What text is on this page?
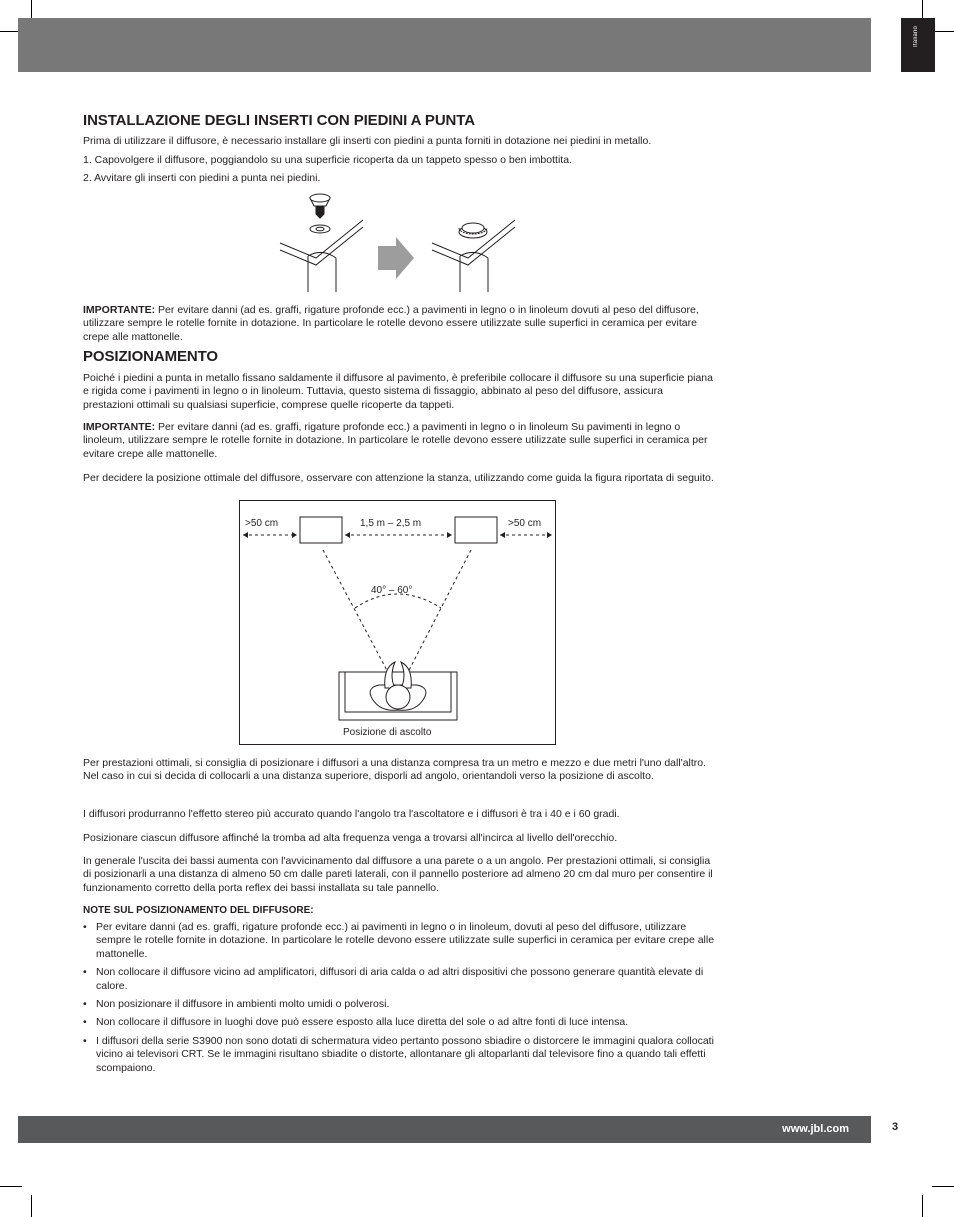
Italiano
INSTALLAZIONE DEGLI INSERTI CON PIEDINI A PUNTA

Prima di utilizzare il diffusore, è necessario installare gli inserti con piedini a punta forniti in dotazione nei piedini in metallo.

1. Capovolgere il diffusore, poggiandolo su una superficie ricoperta da un tappeto spesso o ben imbottita.

2. Avvitare gli inserti con piedini a punta nei piedini.

IMPORTANTE: Per evitare danni (ad es. graffi, rigature profonde ecc.) a pavimenti in legno o in linoleum dovuti al peso del diffusore, utilizzare sempre le rotelle fornite in dotazione. In particolare le rotelle devono essere utilizzate sulle superfici in ceramica per evitare crepe alle mattonelle.

POSIZIONAMENTO

Poiché i piedini a punta in metallo fissano saldamente il diffusore al pavimento, è preferibile collocare il diffusore su una superficie piana e rigida come i pavimenti in legno o in linoleum. Tuttavia, questo sistema di fissaggio, abbinato al peso del diffusore, assicura prestazioni ottimali su qualsiasi superficie, comprese quelle ricoperte da tappeti.

IMPORTANTE: Per evitare danni (ad es. graffi, rigature profonde ecc.) a pavimenti in legno o in linoleum Su pavimenti in legno o linoleum, utilizzare sempre le rotelle fornite in dotazione. In particolare le rotelle devono essere utilizzate sulle superfici in ceramica per evitare crepe alle mattonelle.

Per decidere la posizione ottimale del diffusore, osservare con attenzione la stanza, utilizzando come guida la figura riportata di seguito.

>50 cm	1,5 m – 2,5 m	>50 cm
40° – 60°
Posizione di ascolto

Per prestazioni ottimali, si consiglia di posizionare i diffusori a una distanza compresa tra un metro e mezzo e due metri l'uno dall'altro. Nel caso in cui si decida di collocarli a una distanza superiore, disporli ad angolo, orientandoli verso la posizione di ascolto.

I diffusori produrranno l'effetto stereo più accurato quando l'angolo tra l'ascoltatore e i diffusori è tra i 40 e i 60 gradi.

Posizionare ciascun diffusore affinché la tromba ad alta frequenza venga a trovarsi all'incirca al livello dell'orecchio.

In generale l'uscita dei bassi aumenta con l'avvicinamento dal diffusore a una parete o a un angolo. Per prestazioni ottimali, si consiglia di posizionarli a una distanza di almeno 50 cm dalle pareti laterali, con il pannello posteriore ad almeno 20 cm dal muro per consentire il funzionamento corretto della porta reflex dei bassi installata su tale pannello.

NOTE SUL POSIZIONAMENTO DEL DIFFUSORE:
• Per evitare danni (ad es. graffi, rigature profonde ecc.) ai pavimenti in legno o in linoleum, dovuti al peso del diffusore, utilizzare sempre le rotelle fornite in dotazione. In particolare le rotelle devono essere utilizzate sulle superfici in ceramica per evitare crepe alle mattonelle.
• Non collocare il diffusore vicino ad amplificatori, diffusori di aria calda o ad altri dispositivi che possono generare quantità elevate di calore.
• Non posizionare il diffusore in ambienti molto umidi o polverosi.
• Non collocare il diffusore in luoghi dove può essere esposto alla luce diretta del sole o ad altre fonti di luce intensa.
• I diffusori della serie S3900 non sono dotati di schermatura video pertanto possono sbiadire o distorcere le immagini qualora collocati vicino ai televisori CRT. Se le immagini risultano sbiadite o distorte, allontanare gli altoparlanti dal televisore fino a quando tali effetti scompaiono.
www.jbl.com	3
